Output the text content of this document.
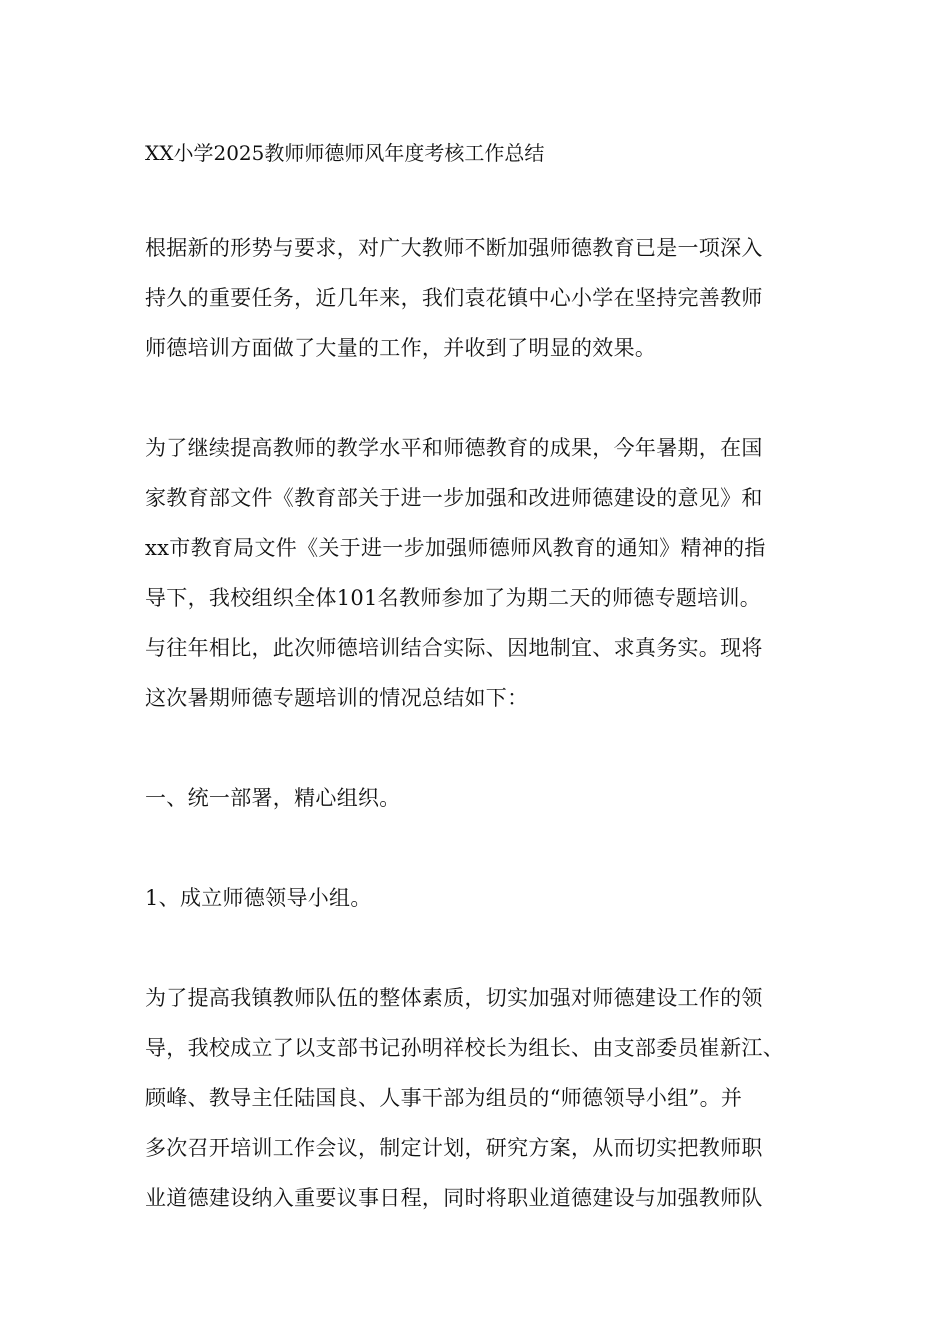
XX小学2025教师师德师风年度考核工作总结

根据新的形势与要求，对广大教师不断加强师德教育已是一项深入
持久的重要任务，近几年来，我们袁花镇中心小学在坚持完善教师
师德培训方面做了大量的工作，并收到了明显的效果。

为了继续提高教师的教学水平和师德教育的成果，今年暑期，在国
家教育部文件《教育部关于进一步加强和改进师德建设的意见》和
xx市教育局文件《关于进一步加强师德师风教育的通知》精神的指
导下，我校组织全体101名教师参加了为期二天的师德专题培训。
与往年相比，此次师德培训结合实际、因地制宜、求真务实。现将
这次暑期师德专题培训的情况总结如下：

一、统一部署，精心组织。

1、成立师德领导小组。

为了提高我镇教师队伍的整体素质，切实加强对师德建设工作的领
导，我校成立了以支部书记孙明祥校长为组长、由支部委员崔新江、
顾峰、教导主任陆国良、人事干部为组员的“师德领导小组”。并
多次召开培训工作会议，制定计划，研究方案，从而切实把教师职
业道德建设纳入重要议事日程，同时将职业道德建设与加强教师队
